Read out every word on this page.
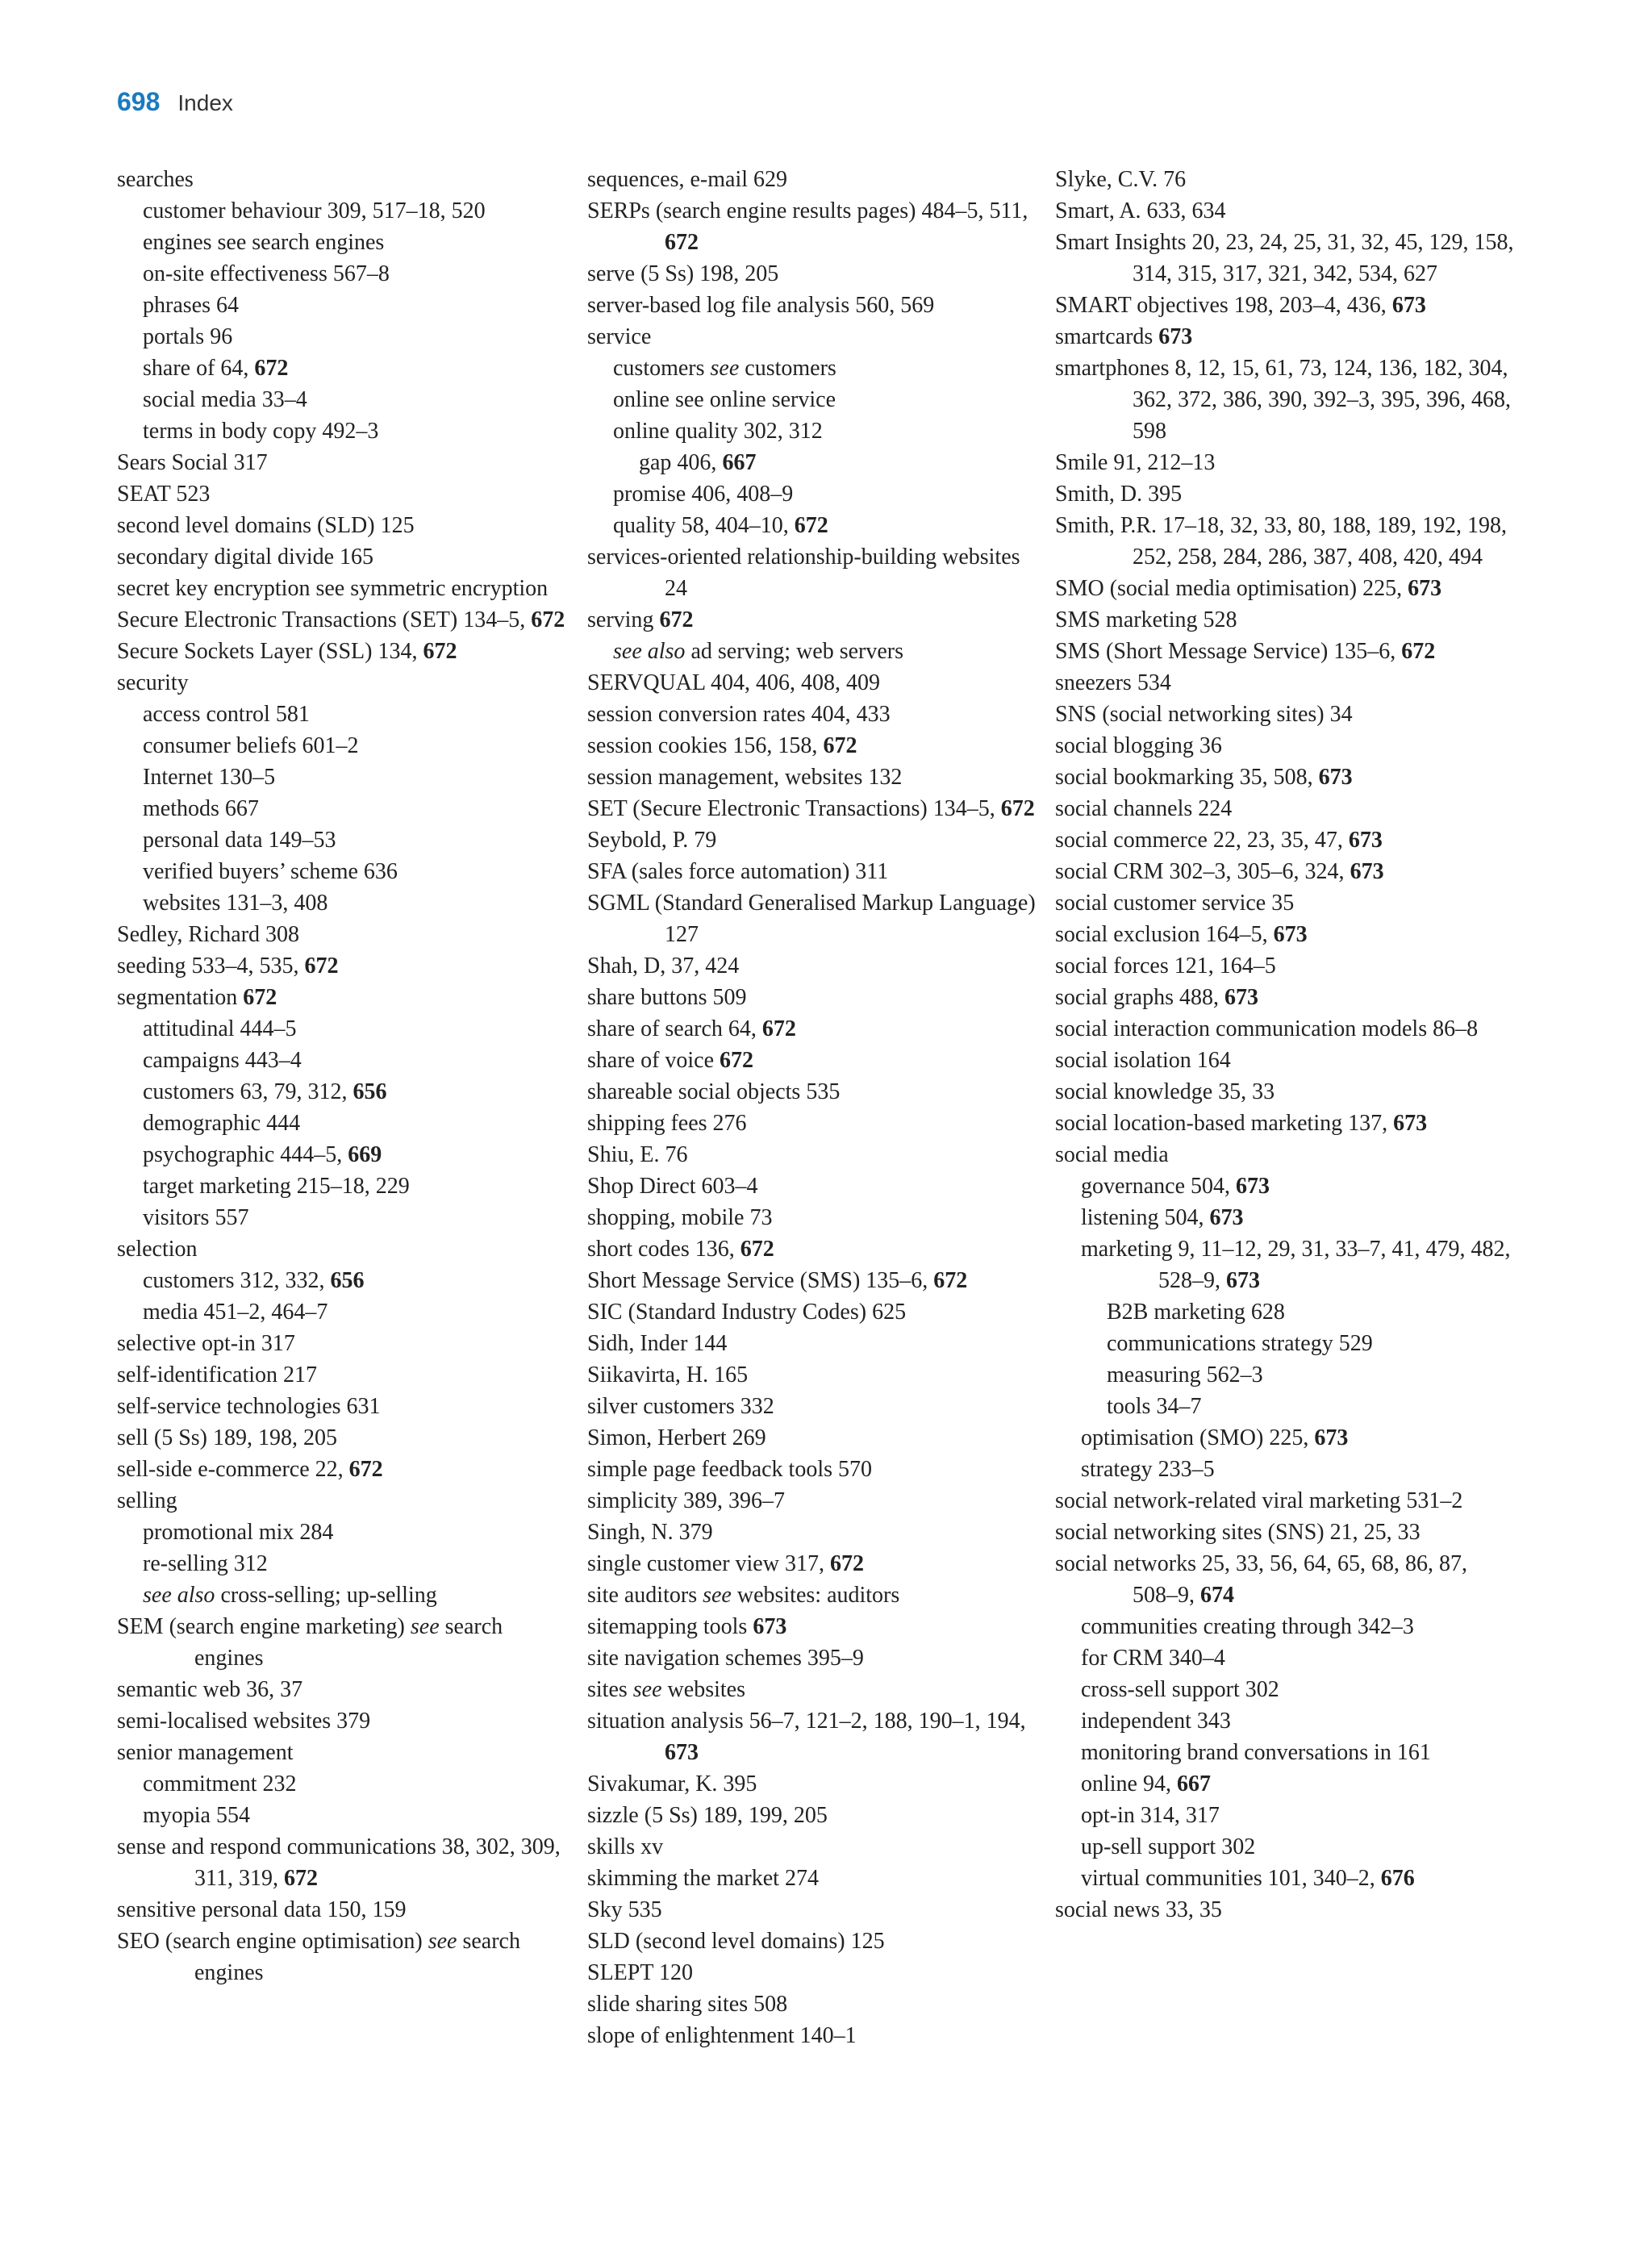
698 Index
searches
customer behaviour 309, 517–18, 520
engines see search engines
on-site effectiveness 567–8
phrases 64
portals 96
share of 64, 672
social media 33–4
terms in body copy 492–3
Sears Social 317
SEAT 523
second level domains (SLD) 125
secondary digital divide 165
secret key encryption see symmetric encryption
Secure Electronic Transactions (SET) 134–5, 672
Secure Sockets Layer (SSL) 134, 672
security
access control 581
consumer beliefs 601–2
Internet 130–5
methods 667
personal data 149–53
verified buyers’ scheme 636
websites 131–3, 408
Sedley, Richard 308
seeding 533–4, 535, 672
segmentation 672
attitudinal 444–5
campaigns 443–4
customers 63, 79, 312, 656
demographic 444
psychographic 444–5, 669
target marketing 215–18, 229
visitors 557
selection
customers 312, 332, 656
media 451–2, 464–7
selective opt-in 317
self-identification 217
self-service technologies 631
sell (5 Ss) 189, 198, 205
sell-side e-commerce 22, 672
selling
promotional mix 284
re-selling 312
see also cross-selling; up-selling
SEM (search engine marketing) see search engines
semantic web 36, 37
semi-localised websites 379
senior management
commitment 232
myopia 554
sense and respond communications 38, 302, 309, 311, 319, 672
sensitive personal data 150, 159
SEO (search engine optimisation) see search engines
sequences, e-mail 629
SERPs (search engine results pages) 484–5, 511, 672
serve (5 Ss) 198, 205
server-based log file analysis 560, 569
service
customers see customers
online see online service
online quality 302, 312
gap 406, 667
promise 406, 408–9
quality 58, 404–10, 672
services-oriented relationship-building websites 24
serving 672
see also ad serving; web servers
SERVQUAL 404, 406, 408, 409
session conversion rates 404, 433
session cookies 156, 158, 672
session management, websites 132
SET (Secure Electronic Transactions) 134–5, 672
Seybold, P. 79
SFA (sales force automation) 311
SGML (Standard Generalised Markup Language) 127
Shah, D, 37, 424
share buttons 509
share of search 64, 672
share of voice 672
shareable social objects 535
shipping fees 276
Shiu, E. 76
Shop Direct 603–4
shopping, mobile 73
short codes 136, 672
Short Message Service (SMS) 135–6, 672
SIC (Standard Industry Codes) 625
Sidh, Inder 144
Siikavirta, H. 165
silver customers 332
Simon, Herbert 269
simple page feedback tools 570
simplicity 389, 396–7
Singh, N. 379
single customer view 317, 672
site auditors see websites: auditors
sitemapping tools 673
site navigation schemes 395–9
sites see websites
situation analysis 56–7, 121–2, 188, 190–1, 194, 673
Sivakumar, K. 395
sizzle (5 Ss) 189, 199, 205
skills xv
skimming the market 274
Sky 535
SLD (second level domains) 125
SLEPT 120
slide sharing sites 508
slope of enlightenment 140–1
Slyke, C.V. 76
Smart, A. 633, 634
Smart Insights 20, 23, 24, 25, 31, 32, 45, 129, 158, 314, 315, 317, 321, 342, 534, 627
SMART objectives 198, 203–4, 436, 673
smartcards 673
smartphones 8, 12, 15, 61, 73, 124, 136, 182, 304, 362, 372, 386, 390, 392–3, 395, 396, 468, 598
Smile 91, 212–13
Smith, D. 395
Smith, P.R. 17–18, 32, 33, 80, 188, 189, 192, 198, 252, 258, 284, 286, 387, 408, 420, 494
SMO (social media optimisation) 225, 673
SMS marketing 528
SMS (Short Message Service) 135–6, 672
sneezers 534
SNS (social networking sites) 34
social blogging 36
social bookmarking 35, 508, 673
social channels 224
social commerce 22, 23, 35, 47, 673
social CRM 302–3, 305–6, 324, 673
social customer service 35
social exclusion 164–5, 673
social forces 121, 164–5
social graphs 488, 673
social interaction communication models 86–8
social isolation 164
social knowledge 35, 33
social location-based marketing 137, 673
social media
governance 504, 673
listening 504, 673
marketing 9, 11–12, 29, 31, 33–7, 41, 479, 482, 528–9, 673
B2B marketing 628
communications strategy 529
measuring 562–3
tools 34–7
optimisation (SMO) 225, 673
strategy 233–5
social network-related viral marketing 531–2
social networking sites (SNS) 21, 25, 33
social networks 25, 33, 56, 64, 65, 68, 86, 87, 508–9, 674
communities creating through 342–3
for CRM 340–4
cross-sell support 302
independent 343
monitoring brand conversations in 161
online 94, 667
opt-in 314, 317
up-sell support 302
virtual communities 101, 340–2, 676
social news 33, 35
